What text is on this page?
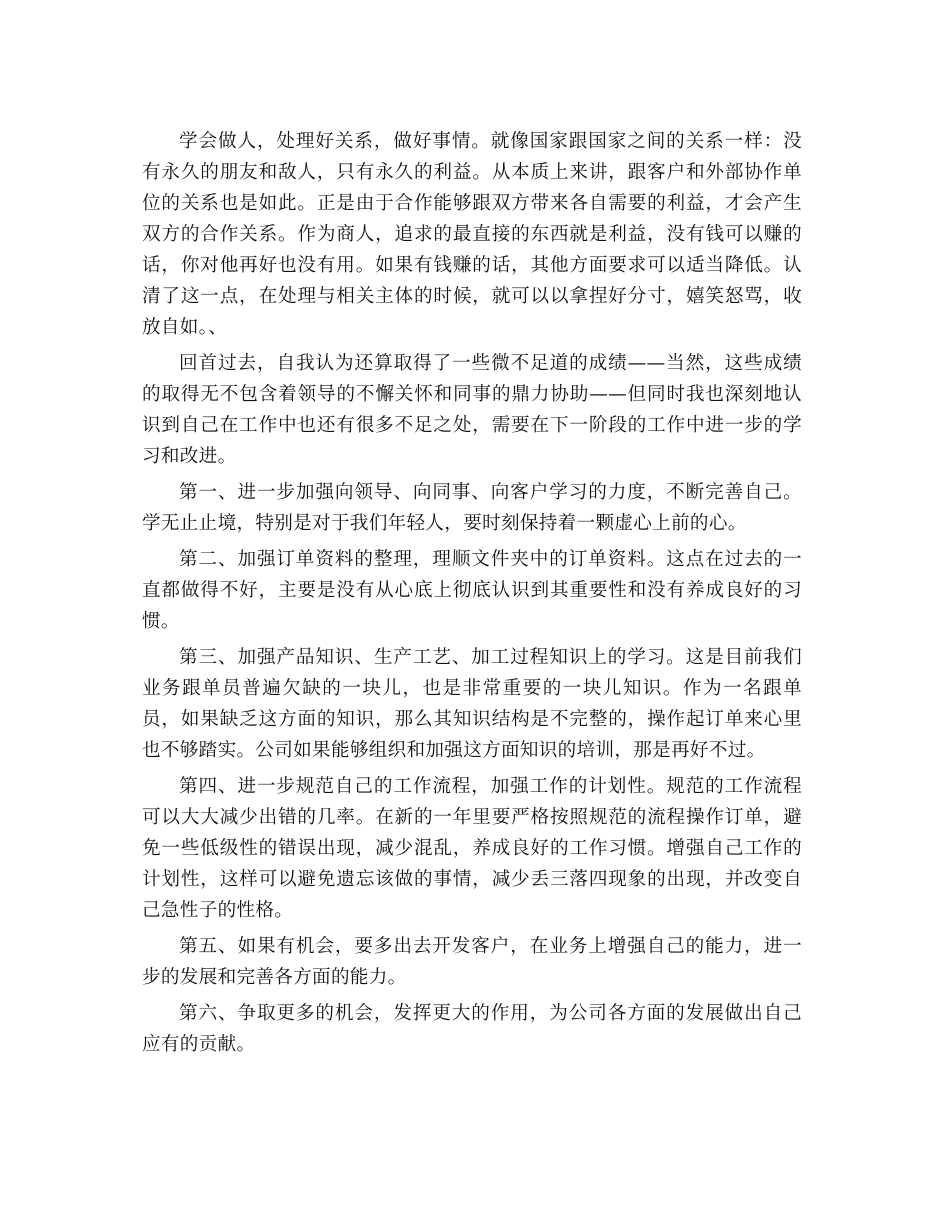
学会做人，处理好关系，做好事情。就像国家跟国家之间的关系一样：没有永久的朋友和敌人，只有永久的利益。从本质上来讲，跟客户和外部协作单位的关系也是如此。正是由于合作能够跟双方带来各自需要的利益，才会产生双方的合作关系。作为商人，追求的最直接的东西就是利益，没有钱可以赚的话，你对他再好也没有用。如果有钱赚的话，其他方面要求可以适当降低。认清了这一点，在处理与相关主体的时候，就可以以拿捏好分寸，嬉笑怒骂，收放自如。、

回首过去，自我认为还算取得了一些微不足道的成绩——当然，这些成绩的取得无不包含着领导的不懈关怀和同事的鼎力协助——但同时我也深刻地认识到自己在工作中也还有很多不足之处，需要在下一阶段的工作中进一步的学习和改进。

第一、进一步加强向领导、向同事、向客户学习的力度，不断完善自己。学无止止境，特别是对于我们年轻人，要时刻保持着一颗虚心上前的心。

第二、加强订单资料的整理，理顺文件夹中的订单资料。这点在过去的一直都做得不好，主要是没有从心底上彻底认识到其重要性和没有养成良好的习惯。

第三、加强产品知识、生产工艺、加工过程知识上的学习。这是目前我们业务跟单员普遍欠缺的一块儿，也是非常重要的一块儿知识。作为一名跟单员，如果缺乏这方面的知识，那么其知识结构是不完整的，操作起订单来心里也不够踏实。公司如果能够组织和加强这方面知识的培训，那是再好不过。

第四、进一步规范自己的工作流程，加强工作的计划性。规范的工作流程可以大大减少出错的几率。在新的一年里要严格按照规范的流程操作订单，避免一些低级性的错误出现，减少混乱，养成良好的工作习惯。增强自己工作的计划性，这样可以避免遗忘该做的事情，减少丢三落四现象的出现，并改变自己急性子的性格。

第五、如果有机会，要多出去开发客户，在业务上增强自己的能力，进一步的发展和完善各方面的能力。

第六、争取更多的机会，发挥更大的作用，为公司各方面的发展做出自己应有的贡献。
